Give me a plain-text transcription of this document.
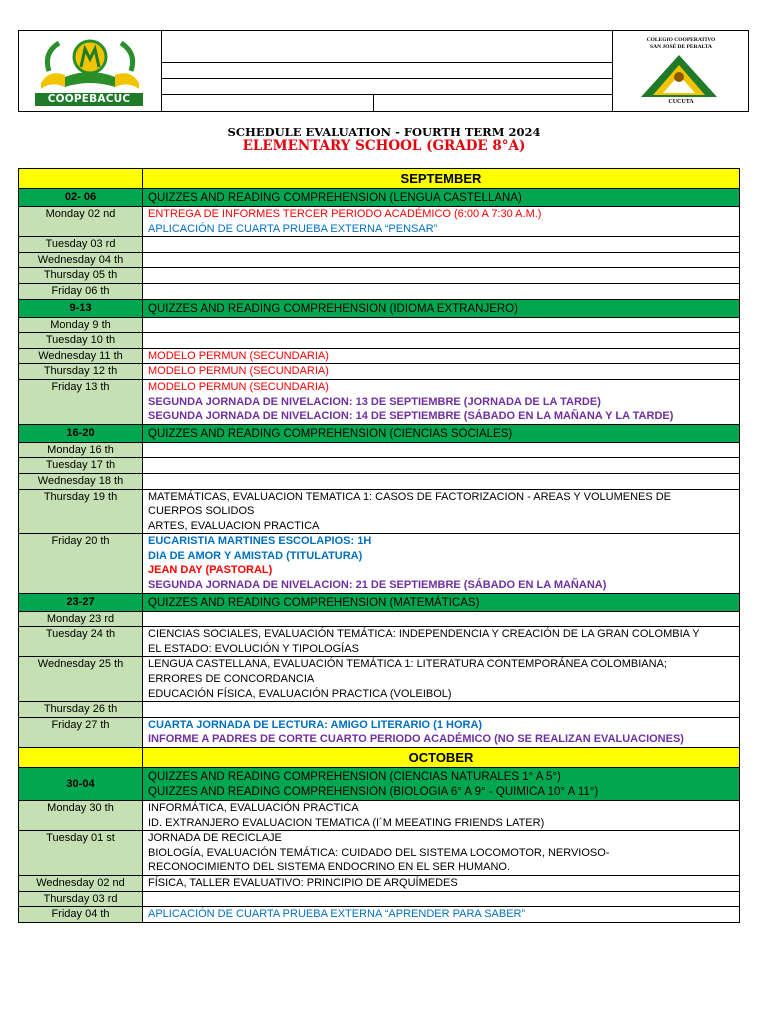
COOPEBACUC
COLEGIO COOPERATIVO SAN JOSÉ DE PERALTA
CUCUTA
SCHEDULE EVALUATION - FOURTH TERM 2024
ELEMENTARY SCHOOL (GRADE 8°A)
	SEPTEMBER
02- 06	QUIZZES AND READING COMPREHENSION (LENGUA CASTELLANA)

Monday 02 nd	ENTREGA DE INFORMES TERCER PERIODO ACADÉMICO (6:00 A 7:30 A.M.)
APLICACIÓN DE CUARTA PRUEBA EXTERNA “PENSAR”

Tuesday 03 rd	
Wednesday 04 th	
Thursday 05 th	
Friday 06 th	
9-13	QUIZZES AND READING COMPREHENSION (IDIOMA EXTRANJERO)

Monday 9 th	
Tuesday 10 th	
Wednesday 11 th	MODELO PERMUN (SECUNDARIA)

Thursday 12 th	MODELO PERMUN (SECUNDARIA)

Friday 13 th	MODELO PERMUN (SECUNDARIA)
SEGUNDA JORNADA DE NIVELACION: 13 DE SEPTIEMBRE (JORNADA DE LA TARDE)
SEGUNDA JORNADA DE NIVELACION: 14 DE SEPTIEMBRE (SÁBADO EN LA MAÑANA Y LA TARDE)

16-20	QUIZZES AND READING COMPREHENSION (CIENCIAS SOCIALES)

Monday 16 th	
Tuesday 17 th	
Wednesday 18 th	
Thursday 19 th	MATEMÁTICAS, EVALUACION TEMATICA 1: CASOS DE FACTORIZACION - AREAS Y VOLUMENES DE
CUERPOS SOLIDOS
ARTES, EVALUACION PRACTICA

Friday 20 th	EUCARISTIA MARTINES ESCOLAPIOS: 1H
DIA DE AMOR Y AMISTAD (TITULATURA)
JEAN DAY (PASTORAL)
SEGUNDA JORNADA DE NIVELACION: 21 DE SEPTIEMBRE (SÁBADO EN LA MAÑANA)

23-27	QUIZZES AND READING COMPREHENSION (MATEMÁTICAS)

Monday 23 rd	
Tuesday 24 th	CIENCIAS SOCIALES, EVALUACIÓN TEMÁTICA: INDEPENDENCIA Y CREACIÓN DE LA GRAN COLOMBIA Y
EL ESTADO: EVOLUCIÓN Y TIPOLOGÍAS

Wednesday 25 th	LENGUA CASTELLANA, EVALUACIÓN TEMÁTICA 1: LITERATURA CONTEMPORÁNEA COLOMBIANA;
ERRORES DE CONCORDANCIA
EDUCACIÓN FÍSICA, EVALUACIÓN PRACTICA (VOLEIBOL)

Thursday 26 th	
Friday 27 th	CUARTA JORNADA DE LECTURA: AMIGO LITERARIO (1 HORA)
INFORME A PADRES DE CORTE CUARTO PERIODO ACADÉMICO (NO SE REALIZAN EVALUACIONES)

	OCTOBER
30-04	QUIZZES AND READING COMPREHENSION (CIENCIAS NATURALES 1° A 5°)
QUIZZES AND READING COMPREHENSION (BIOLOGIA 6° A 9° - QUIMICA 10° A 11°)

Monday 30 th	INFORMÁTICA, EVALUACIÓN PRACTICA
ID. EXTRANJERO EVALUACION TEMATICA (I´M MEEATING FRIENDS LATER)

Tuesday 01 st	JORNADA DE RECICLAJE
BIOLOGÍA, EVALUACIÓN TEMÁTICA: CUIDADO DEL SISTEMA LOCOMOTOR, NERVIOSO-
RECONOCIMIENTO DEL SISTEMA ENDOCRINO EN EL SER HUMANO.

Wednesday 02 nd	FÍSICA, TALLER EVALUATIVO: PRINCIPIO DE ARQUÍMEDES

Thursday 03 rd	
Friday 04 th	APLICACIÓN DE CUARTA PRUEBA EXTERNA “APRENDER PARA SABER”
